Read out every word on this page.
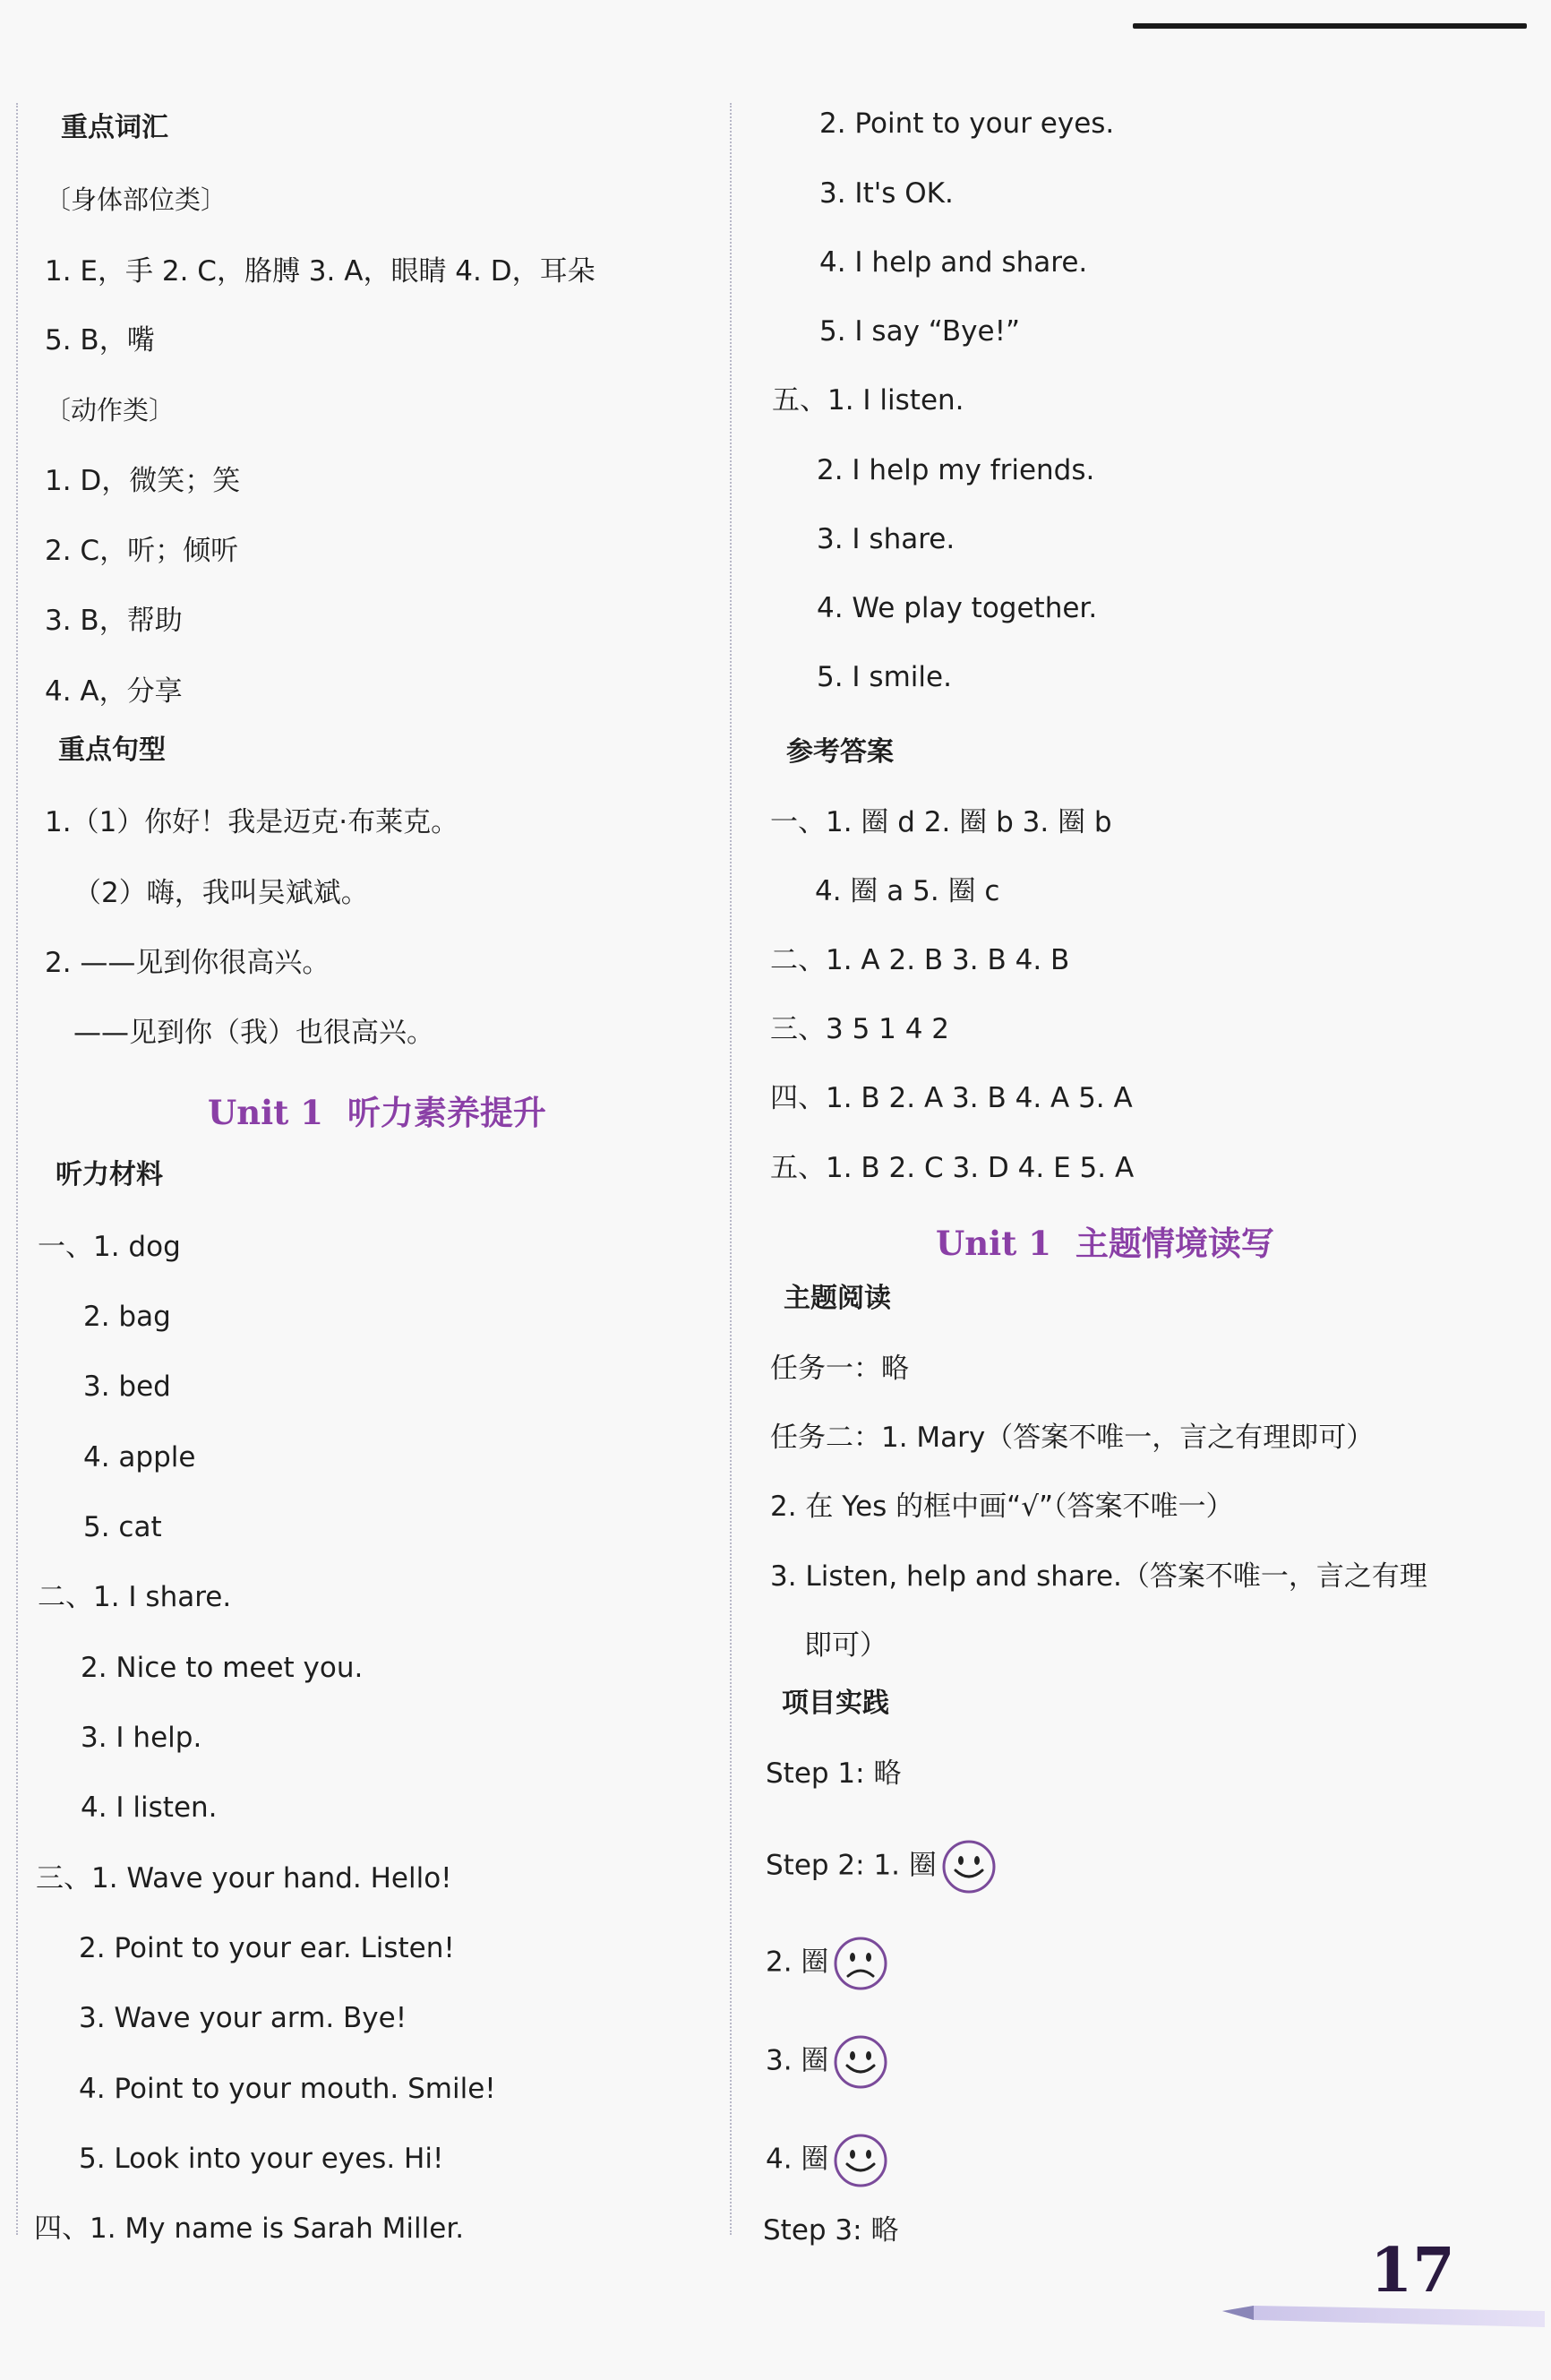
重点词汇
〔身体部位类〕
1. E，手 2. C，胳膊 3. A，眼睛 4. D，耳朵
5. B，嘴
〔动作类〕
1. D，微笑；笑
2. C，听；倾听
3. B，帮助
4. A，分享
重点句型
1.（1）你好！我是迈克·布莱克。
（2）嗨，我叫吴斌斌。
2. ——见到你很高兴。
——见到你（我）也很高兴。
Unit 1 听力素养提升
听力材料
一、1. dog
2. bag
3. bed
4. apple
5. cat
二、1. I share.
2. Nice to meet you.
3. I help.
4. I listen.
三、1. Wave your hand. Hello!
2. Point to your ear. Listen!
3. Wave your arm. Bye!
4. Point to your mouth. Smile!
5. Look into your eyes. Hi!
四、1. My name is Sarah Miller.
2. Point to your eyes.
3. It's OK.
4. I help and share.
5. I say “Bye!”
五、1. I listen.
2. I help my friends.
3. I share.
4. We play together.
5. I smile.
参考答案
一、1. 圈 d 2. 圈 b 3. 圈 b
4. 圈 a 5. 圈 c
二、1. A 2. B 3. B 4. B
三、3 5 1 4 2
四、1. B 2. A 3. B 4. A 5. A
五、1. B 2. C 3. D 4. E 5. A
Unit 1 主题情境读写
主题阅读
任务一：略
任务二：1. Mary（答案不唯一，言之有理即可）
2. 在 Yes 的框中画“√”（答案不唯一）
3. Listen, help and share.（答案不唯一，言之有理
即可）
项目实践
Step 1: 略
Step 2: 1. 圈
2. 圈
3. 圈
4. 圈
Step 3: 略
17
